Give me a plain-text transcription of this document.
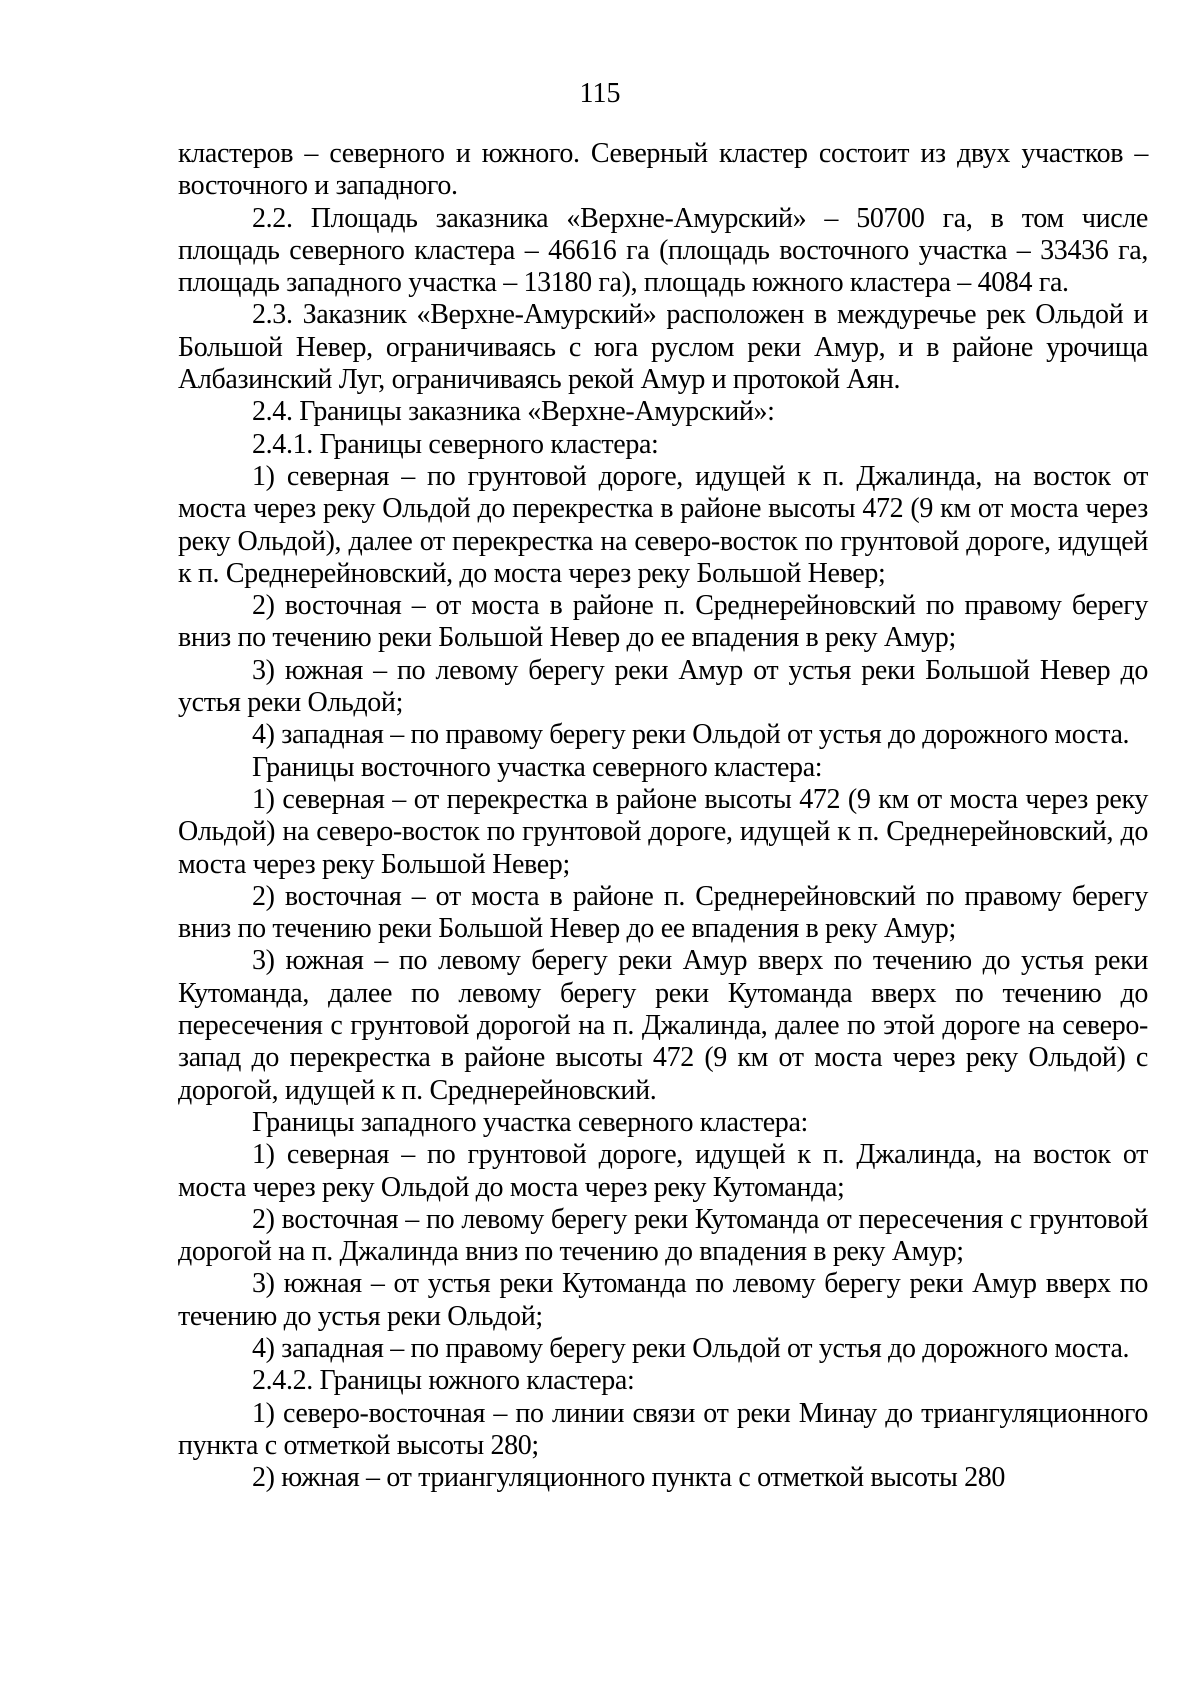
115

кластеров – северного и южного. Северный кластер состоит из двух участков – восточного и западного.

2.2. Площадь заказника «Верхне-Амурский» – 50700 га, в том числе площадь северного кластера – 46616 га (площадь восточного участка – 33436 га, площадь западного участка – 13180 га), площадь южного кластера – 4084 га.

2.3. Заказник «Верхне-Амурский» расположен в междуречье рек Ольдой и Большой Невер, ограничиваясь с юга руслом реки Амур, и в районе урочища Албазинский Луг, ограничиваясь рекой Амур и протокой Аян.

2.4. Границы заказника «Верхне-Амурский»:

2.4.1. Границы северного кластера:

1) северная – по грунтовой дороге, идущей к п. Джалинда, на восток от моста через реку Ольдой до перекрестка в районе высоты 472 (9 км от моста через реку Ольдой), далее от перекрестка на северо-восток по грунтовой дороге, идущей к п. Среднерейновский, до моста через реку Большой Невер;

2) восточная – от моста в районе п. Среднерейновский по правому берегу вниз по течению реки Большой Невер до ее впадения в реку Амур;

3) южная – по левому берегу реки Амур от устья реки Большой Невер до устья реки Ольдой;

4) западная – по правому берегу реки Ольдой от устья до дорожного моста.

Границы восточного участка северного кластера:

1) северная – от перекрестка в районе высоты 472 (9 км от моста через реку Ольдой) на северо-восток по грунтовой дороге, идущей к п. Среднерейновский, до моста через реку Большой Невер;

2) восточная – от моста в районе п. Среднерейновский по правому берегу вниз по течению реки Большой Невер до ее впадения в реку Амур;

3) южная – по левому берегу реки Амур вверх по течению до устья реки Кутоманда, далее по левому берегу реки Кутоманда вверх по течению до пересечения с грунтовой дорогой на п. Джалинда, далее по этой дороге на северо-запад до перекрестка в районе высоты 472 (9 км от моста через реку Ольдой) с дорогой, идущей к п. Среднерейновский.

Границы западного участка северного кластера:

1) северная – по грунтовой дороге, идущей к п. Джалинда, на восток от моста через реку Ольдой до моста через реку Кутоманда;

2) восточная – по левому берегу реки Кутоманда от пересечения с грунтовой дорогой на п. Джалинда вниз по течению до впадения в реку Амур;

3) южная – от устья реки Кутоманда по левому берегу реки Амур вверх по течению до устья реки Ольдой;

4) западная – по правому берегу реки Ольдой от устья до дорожного моста.

2.4.2. Границы южного кластера:

1) северо-восточная – по линии связи от реки Минау до триангуляционного пункта с отметкой высоты 280;

2) южная – от триангуляционного пункта с отметкой высоты 280
